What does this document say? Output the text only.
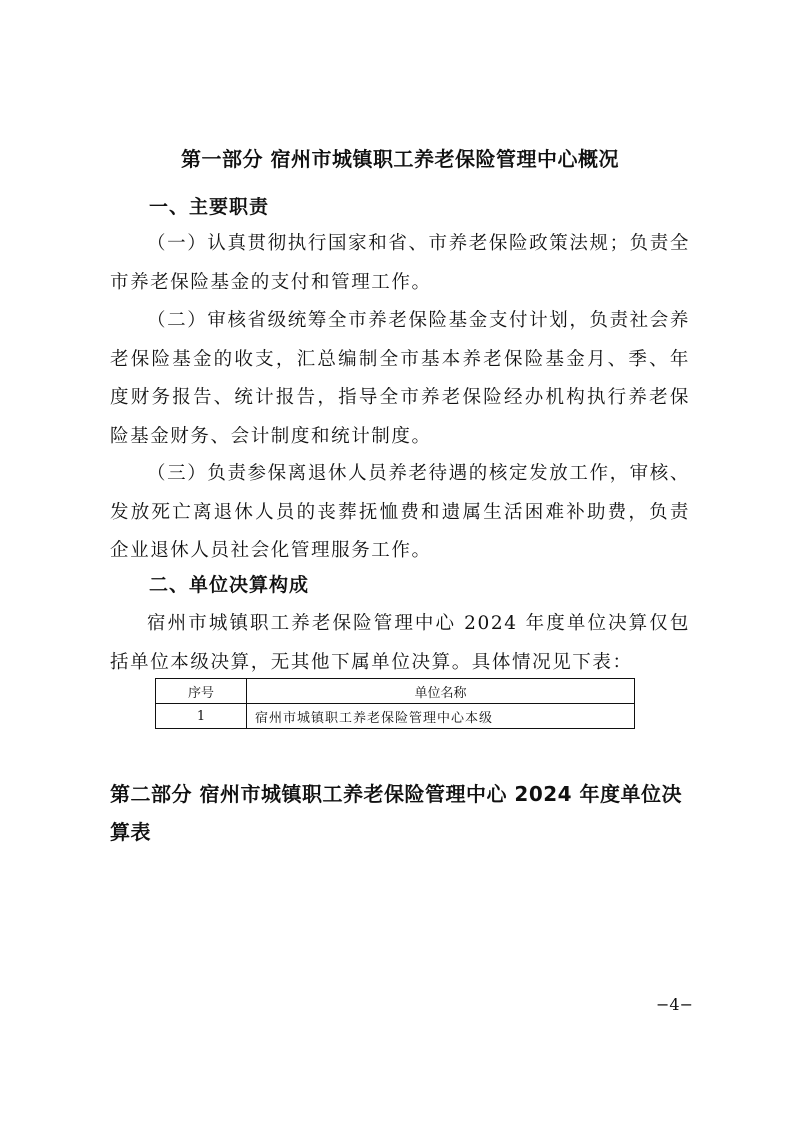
第一部分 宿州市城镇职工养老保险管理中心概况
一、主要职责

（一）认真贯彻执行国家和省、市养老保险政策法规；负责全市养老保险基金的支付和管理工作。

（二）审核省级统筹全市养老保险基金支付计划，负责社会养老保险基金的收支，汇总编制全市基本养老保险基金月、季、年度财务报告、统计报告，指导全市养老保险经办机构执行养老保险基金财务、会计制度和统计制度。

（三）负责参保离退休人员养老待遇的核定发放工作，审核、发放死亡离退休人员的丧葬抚恤费和遗属生活困难补助费，负责企业退休人员社会化管理服务工作。

二、单位决算构成

宿州市城镇职工养老保险管理中心 2024 年度单位决算仅包括单位本级决算，无其他下属单位决算。具体情况见下表：

序号	单位名称
1	宿州市城镇职工养老保险管理中心本级
第二部分 宿州市城镇职工养老保险管理中心 2024 年度单位决算表
−4−
